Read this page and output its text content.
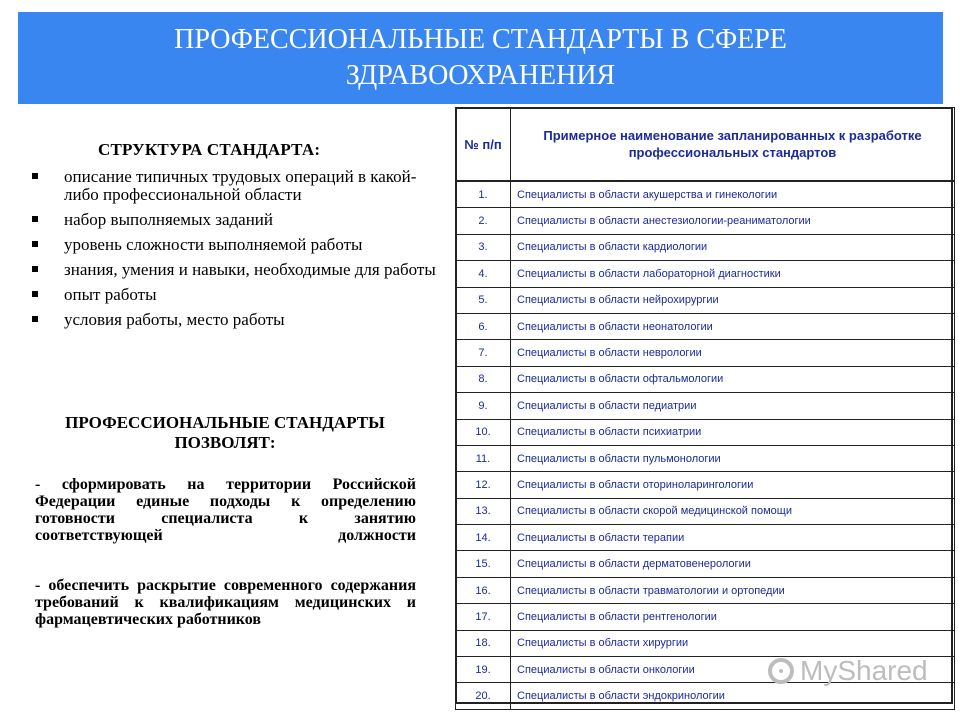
ПРОФЕССИОНАЛЬНЫЕ СТАНДАРТЫ В СФЕРЕ ЗДРАВООХРАНЕНИЯ
СТРУКТУРА СТАНДАРТА:
описание типичных трудовых операций в какой-либо профессиональной области
набор выполняемых заданий
уровень сложности выполняемой работы
знания, умения и навыки, необходимые для работы
опыт работы
условия работы, место работы
ПРОФЕССИОНАЛЬНЫЕ СТАНДАРТЫ ПОЗВОЛЯТ:
- сформировать на территории Российской Федерации единые подходы к определению готовности специалиста к занятию соответствующей должности
- обеспечить раскрытие современного содержания требований к квалификациям медицинских и фармацевтических работников
№ п/п	Примерное наименование запланированных к разработке профессиональных стандартов
1.	Специалисты в области акушерства и гинекологии
2.	Специалисты в области анестезиологии-реаниматологии
3.	Специалисты в области кардиологии
4.	Специалисты в области лабораторной диагностики
5.	Специалисты в области нейрохирургии
6.	Специалисты в области неонатологии
7.	Специалисты в области неврологии
8.	Специалисты в области офтальмологии
9.	Специалисты в области педиатрии
10.	Специалисты в области психиатрии
11.	Специалисты в области пульмонологии
12.	Специалисты в области оториноларингологии
13.	Специалисты в области скорой медицинской помощи
14.	Специалисты в области терапии
15.	Специалисты в области дерматовенерологии
16.	Специалисты в области травматологии и ортопедии
17.	Специалисты в области рентгенологии
18.	Специалисты в области хирургии
19.	Специалисты в области онкологии
20.	Специалисты в области эндокринологии
MyShared
